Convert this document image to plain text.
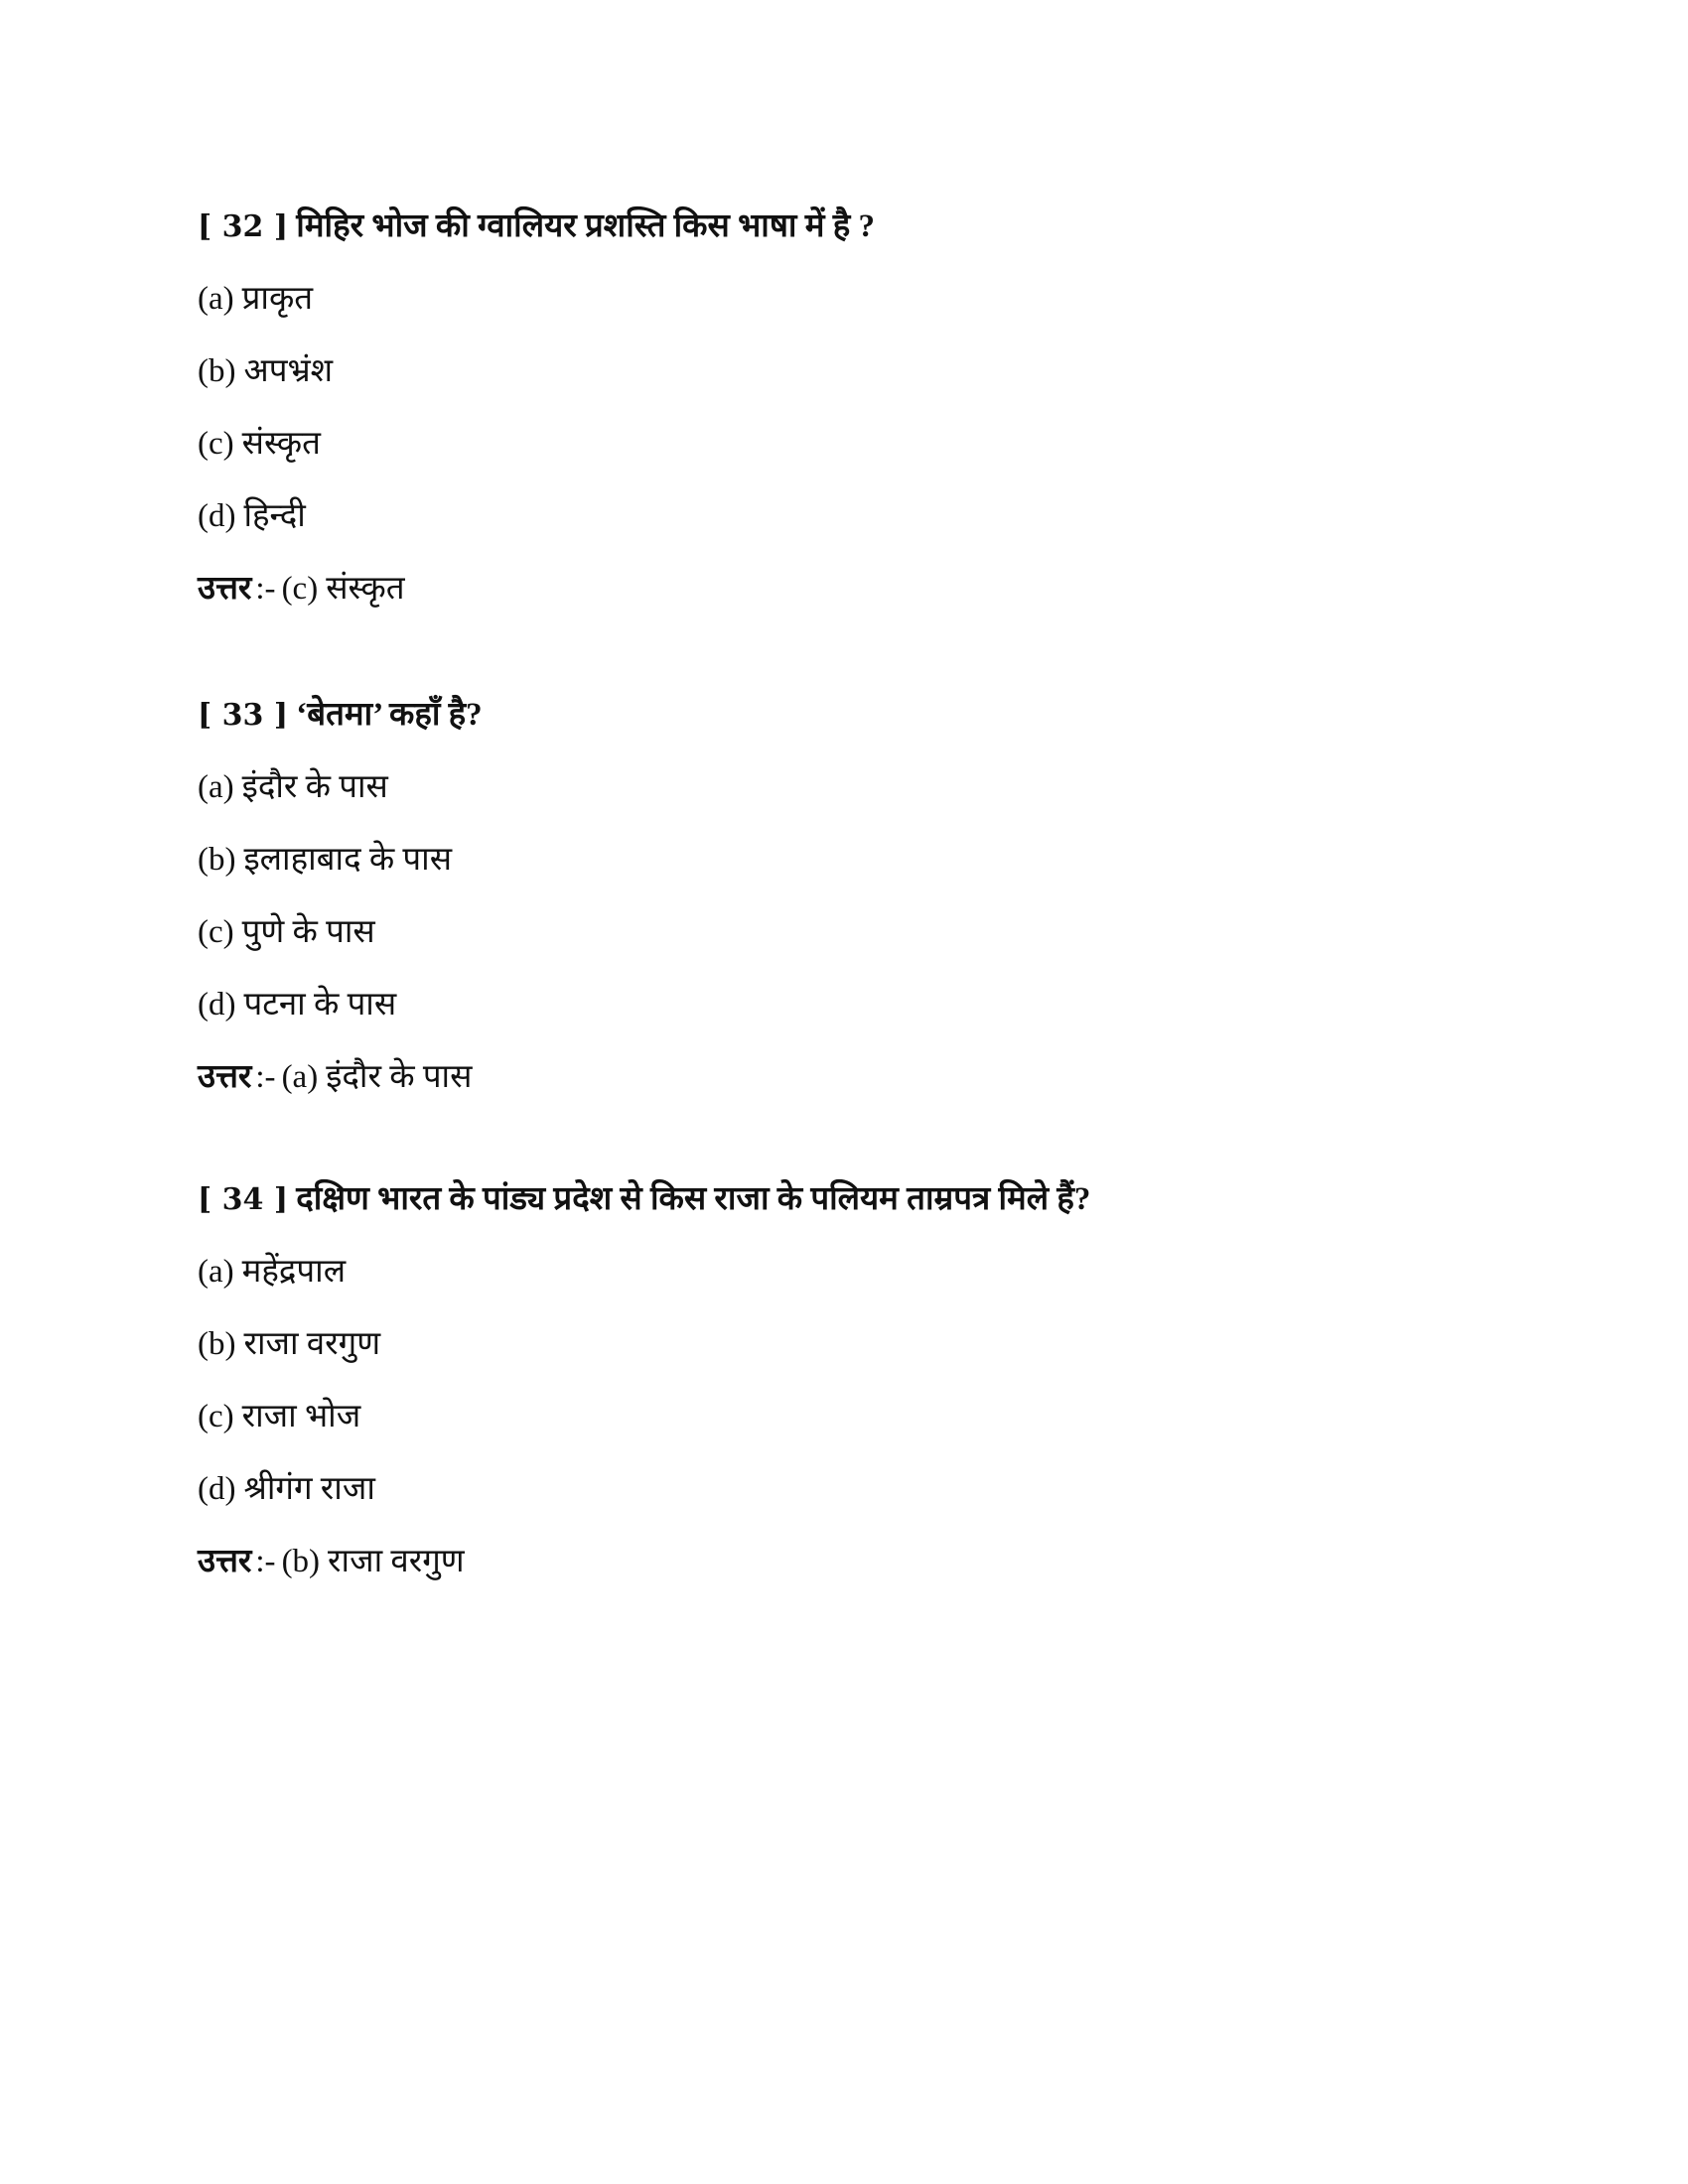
[ 32 ] मिहिर भोज की ग्वालियर प्रशस्ति किस भाषा में है ?
(a) प्राकृत
(b) अपभ्रंश
(c) संस्कृत
(d) हिन्दी
उत्तर :- (c) संस्कृत
[ 33 ] ‘बेतमा’ कहाँ है?
(a) इंदौर के पास
(b) इलाहाबाद के पास
(c) पुणे के पास
(d) पटना के पास
उत्तर :- (a) इंदौर के पास
[ 34 ] दक्षिण भारत के पांड्य प्रदेश से किस राजा के पलियम ताम्रपत्र मिले हैं?
(a) महेंद्रपाल
(b) राजा वरगुण
(c) राजा भोज
(d) श्रीगंग राजा
उत्तर :- (b) राजा वरगुण
